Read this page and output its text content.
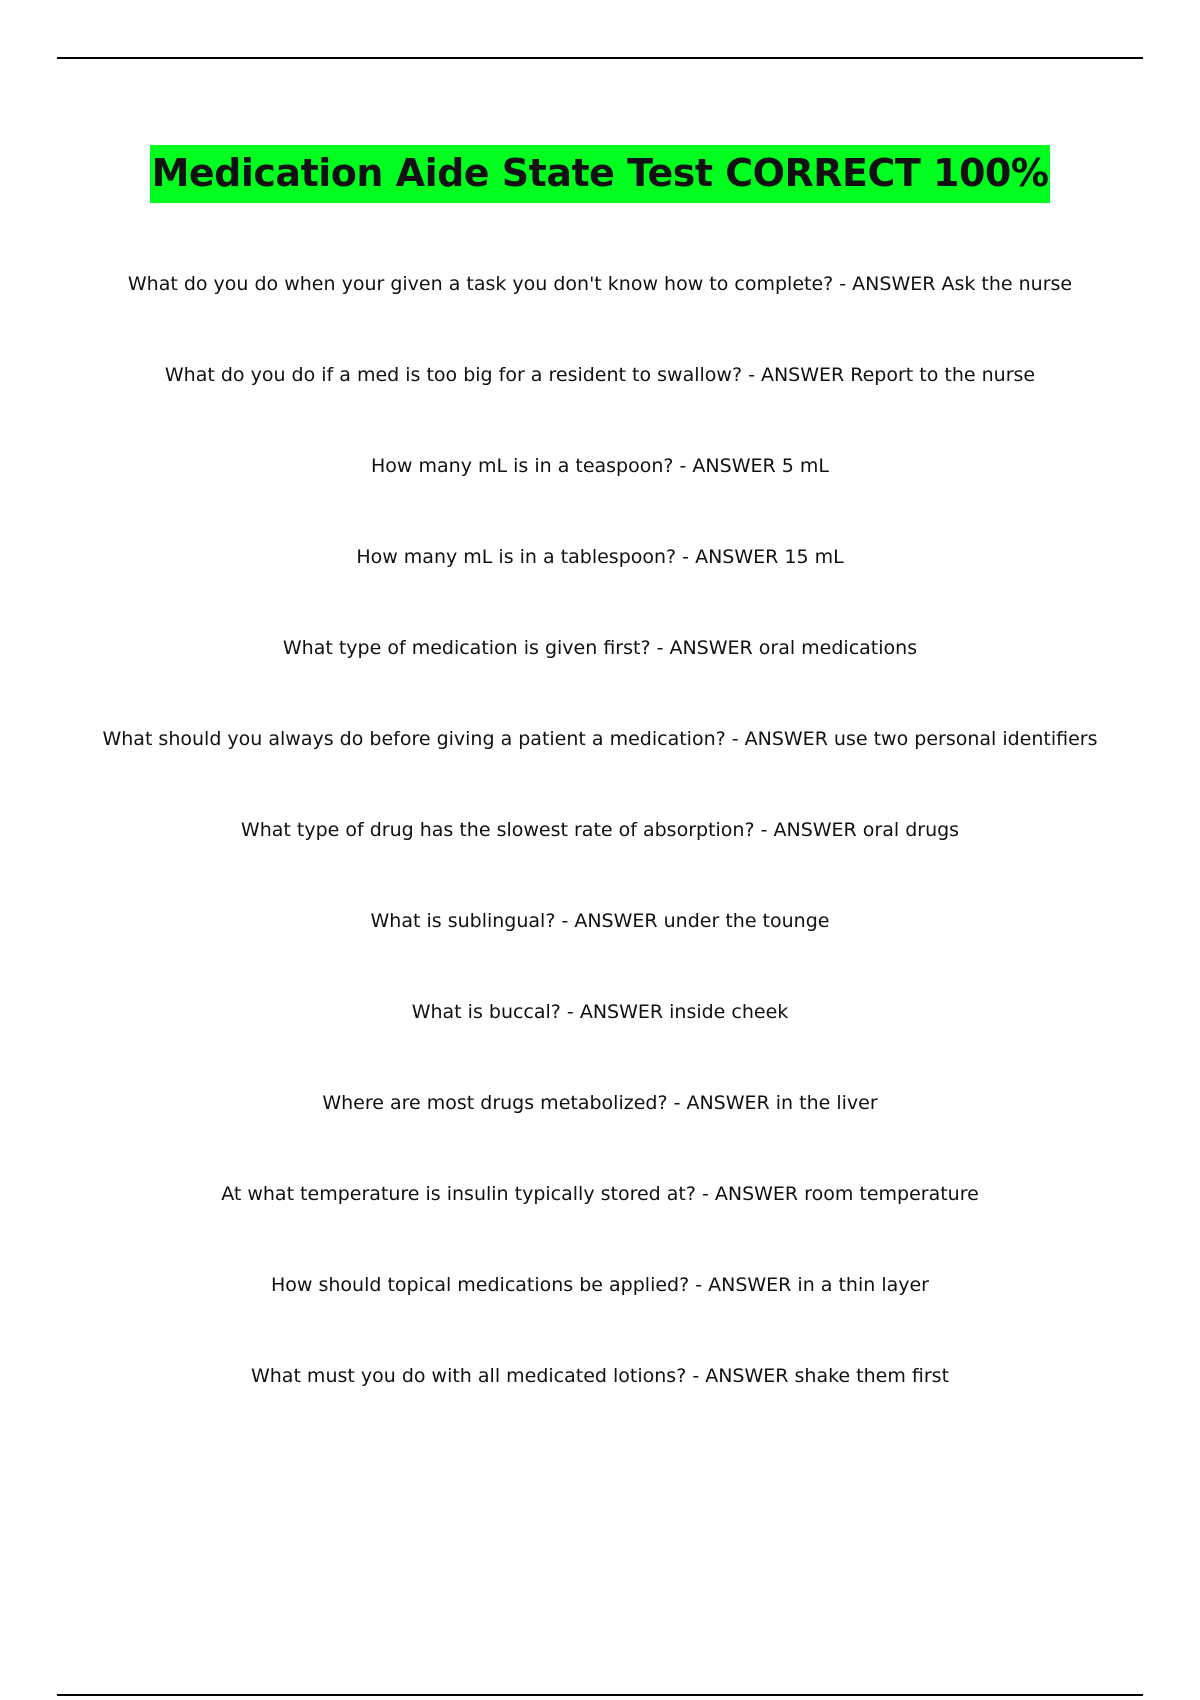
Medication Aide State Test CORRECT 100%
What do you do when your given a task you don't know how to complete? - ANSWER Ask the nurse
What do you do if a med is too big for a resident to swallow? - ANSWER Report to the nurse
How many mL is in a teaspoon? - ANSWER 5 mL
How many mL is in a tablespoon? - ANSWER 15 mL
What type of medication is given first? - ANSWER oral medications
What should you always do before giving a patient a medication? - ANSWER use two personal identifiers
What type of drug has the slowest rate of absorption? - ANSWER oral drugs
What is sublingual? - ANSWER under the tounge
What is buccal? - ANSWER inside cheek
Where are most drugs metabolized? - ANSWER in the liver
At what temperature is insulin typically stored at? - ANSWER room temperature
How should topical medications be applied? - ANSWER in a thin layer
What must you do with all medicated lotions? - ANSWER shake them first
